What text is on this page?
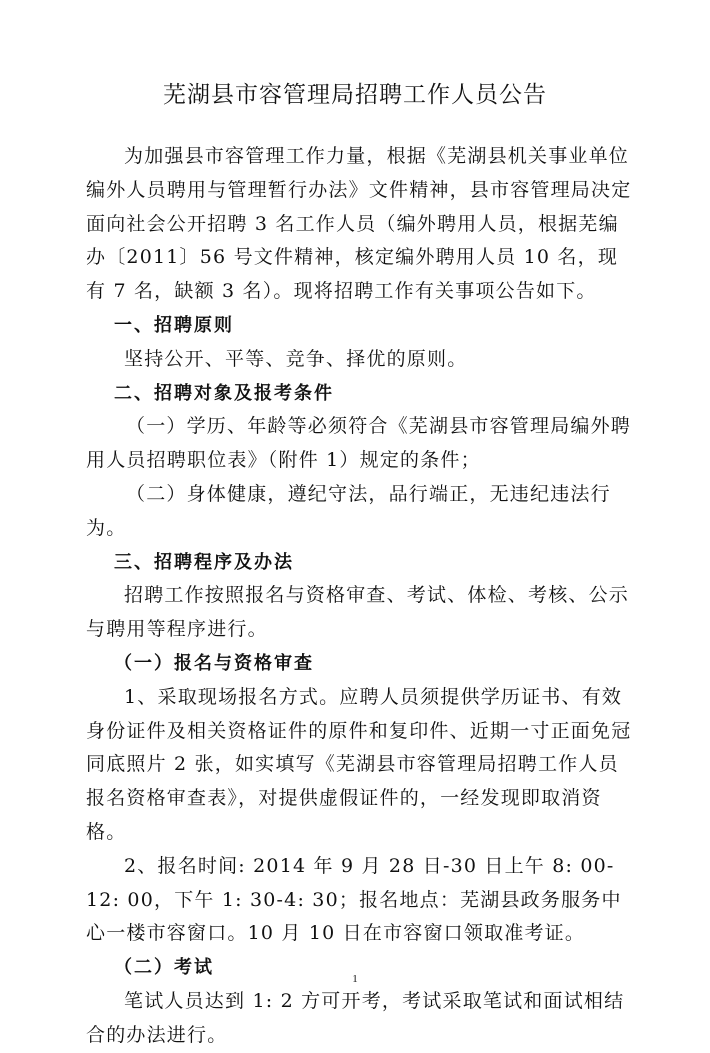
芜湖县市容管理局招聘工作人员公告

为加强县市容管理工作力量，根据《芜湖县机关事业单位编外人员聘用与管理暂行办法》文件精神，县市容管理局决定面向社会公开招聘 3 名工作人员（编外聘用人员，根据芜编办〔2011〕56 号文件精神，核定编外聘用人员 10 名，现有 7 名，缺额 3 名）。现将招聘工作有关事项公告如下。

一、招聘原则

坚持公开、平等、竞争、择优的原则。

二、招聘对象及报考条件

（一）学历、年龄等必须符合《芜湖县市容管理局编外聘用人员招聘职位表》（附件 1）规定的条件；

（二）身体健康，遵纪守法，品行端正，无违纪违法行为。

三、招聘程序及办法

招聘工作按照报名与资格审查、考试、体检、考核、公示与聘用等程序进行。

（一）报名与资格审查

1、采取现场报名方式。应聘人员须提供学历证书、有效身份证件及相关资格证件的原件和复印件、近期一寸正面免冠同底照片 2 张，如实填写《芜湖县市容管理局招聘工作人员报名资格审查表》，对提供虚假证件的，一经发现即取消资格。

2、报名时间: 2014 年 9 月 28 日-30 日上午 8: 00-12: 00，下午 1: 30-4: 30；报名地点：芜湖县政务服务中心一楼市容窗口。10 月 10 日在市容窗口领取准考证。

（二）考试

笔试人员达到 1: 2 方可开考，考试采取笔试和面试相结合的办法进行。

1
